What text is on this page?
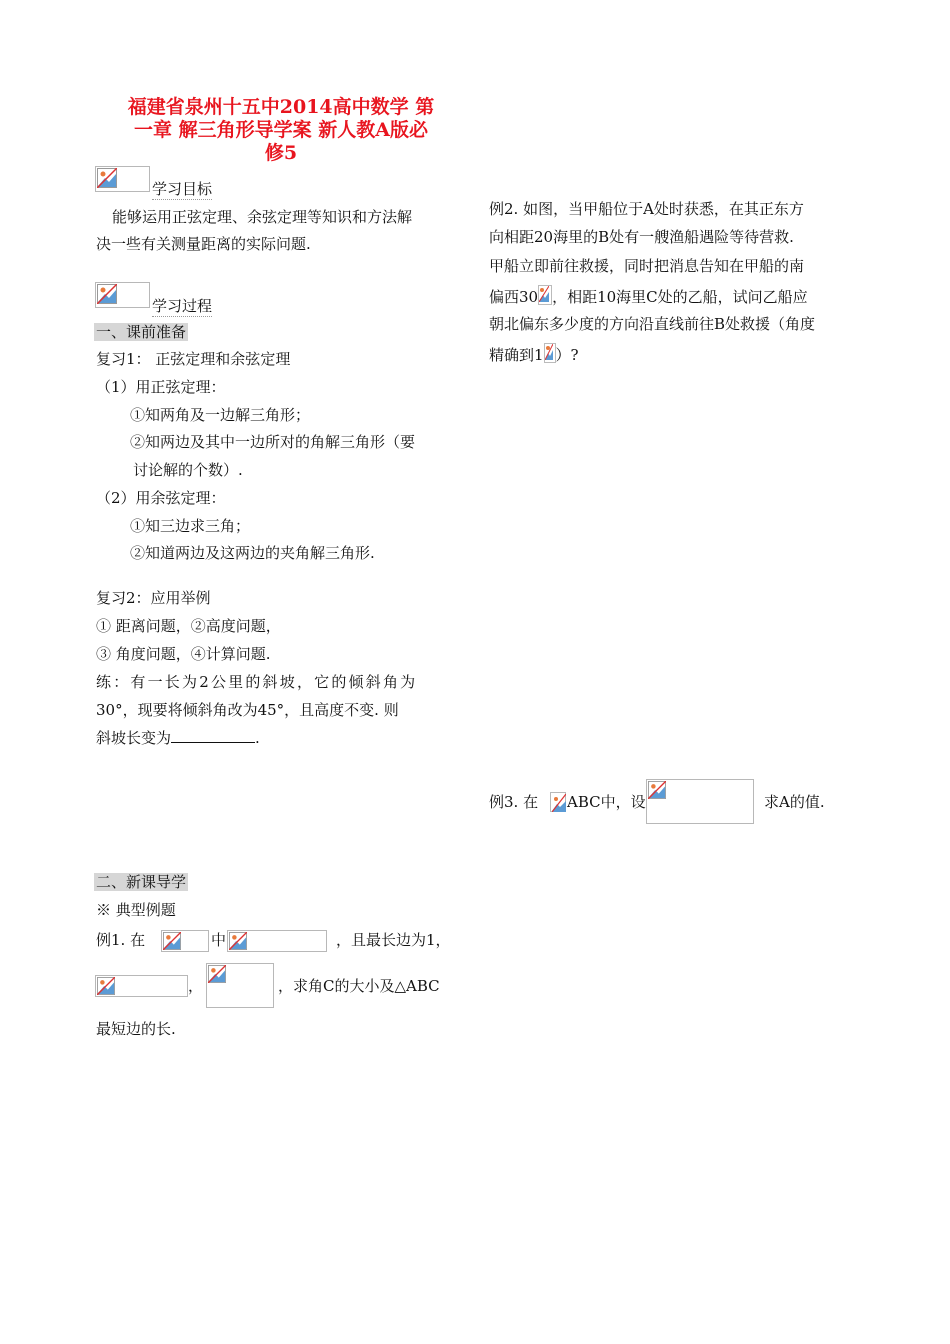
福建省泉州十五中2014高中数学 第
一章 解三角形导学案 新人教A版必
修5
学习目标
能够运用正弦定理、余弦定理等知识和方法解
决一些有关测量距离的实际问题.
学习过程
一、课前准备
复习1： 正弦定理和余弦定理
（1）用正弦定理：
①知两角及一边解三角形；
②知两边及其中一边所对的角解三角形（要
讨论解的个数）.
（2）用余弦定理：
①知三边求三角；
②知道两边及这两边的夹角解三角形.
复习2：应用举例
① 距离问题，②高度问题，
③ 角度问题，④计算问题.
练：有一长为2公里的斜坡，它的倾斜角为
30°，现要将倾斜角改为45°，且高度不变. 则
斜坡长变为	.
二、新课导学
※ 典型例题
例1. 在	中	，且最长边为1，
，	，求角C的大小及△ABC
最短边的长.
例2. 如图，当甲船位于A处时获悉，在其正东方
向相距20海里的B处有一艘渔船遇险等待营救.
甲船立即前往救援，同时把消息告知在甲船的南
偏西30 ，相距10海里C处的乙船，试问乙船应
朝北偏东多少度的方向沿直线前往B处救援（角度
精确到1 ）?
例3. 在 ABC中，设	求A的值.
